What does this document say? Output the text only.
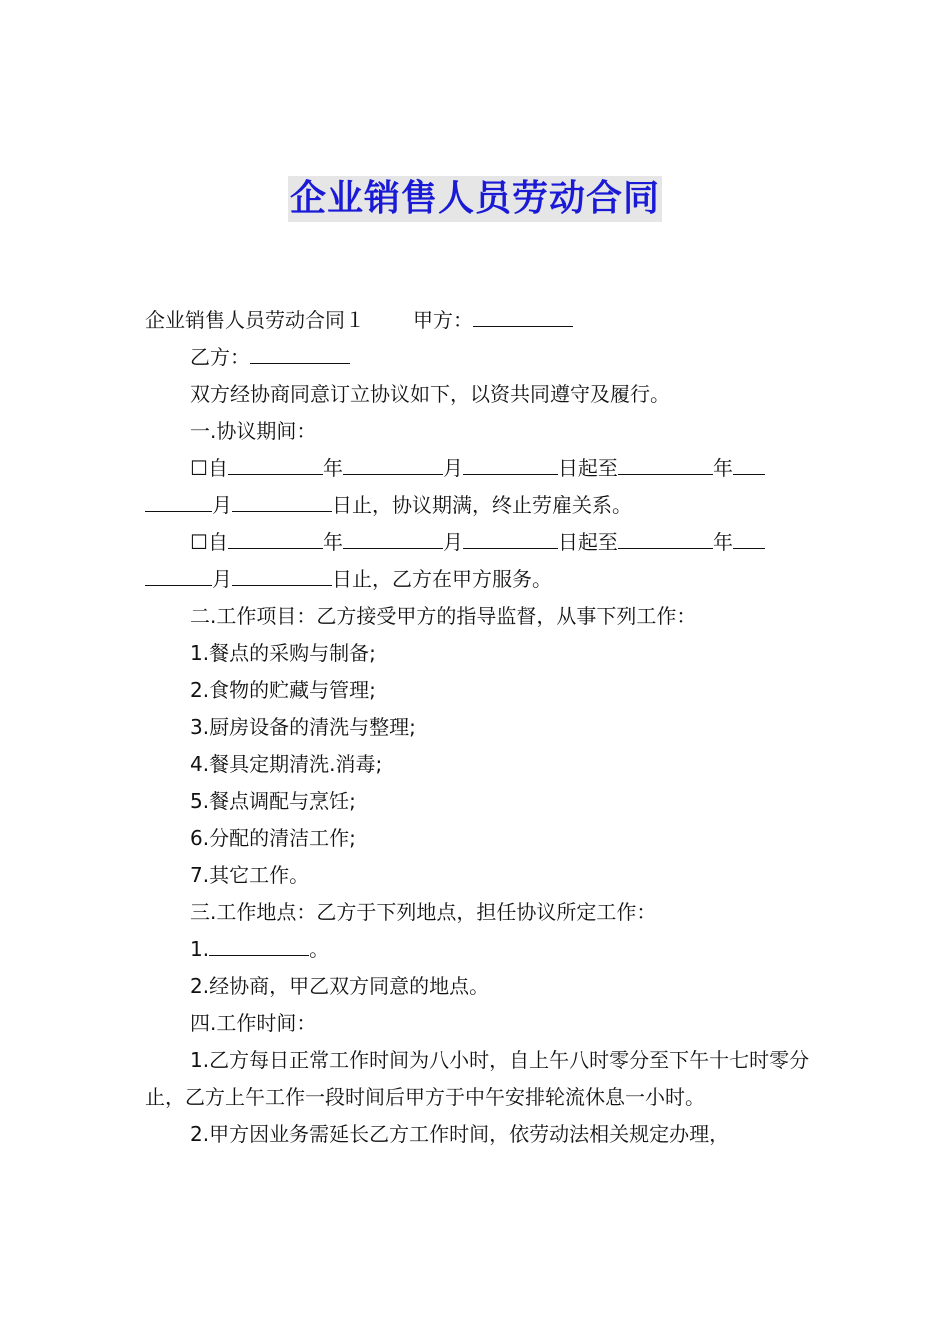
企业销售人员劳动合同
企业销售人员劳动合同１ 甲方：
乙方：
双方经协商同意订立协议如下，以资共同遵守及履行。
一.协议期间：
☐自	年	月	日起至	年
月	日止，协议期满，终止劳雇关系。
☐自	年	月	日起至	年
月	日止，乙方在甲方服务。
二.工作项目：乙方接受甲方的指导监督，从事下列工作：
1.餐点的采购与制备;
2.食物的贮藏与管理;
3.厨房设备的清洗与整理;
4.餐具定期清洗.消毒;
5.餐点调配与烹饪;
6.分配的清洁工作;
7.其它工作。
三.工作地点：乙方于下列地点，担任协议所定工作：
1.	。
2.经协商，甲乙双方同意的地点。
四.工作时间：
1.乙方每日正常工作时间为八小时，自上午八时零分至下午十七时零分止，乙方上午工作一段时间后甲方于中午安排轮流休息一小时。
2.甲方因业务需延长乙方工作时间，依劳动法相关规定办理，
